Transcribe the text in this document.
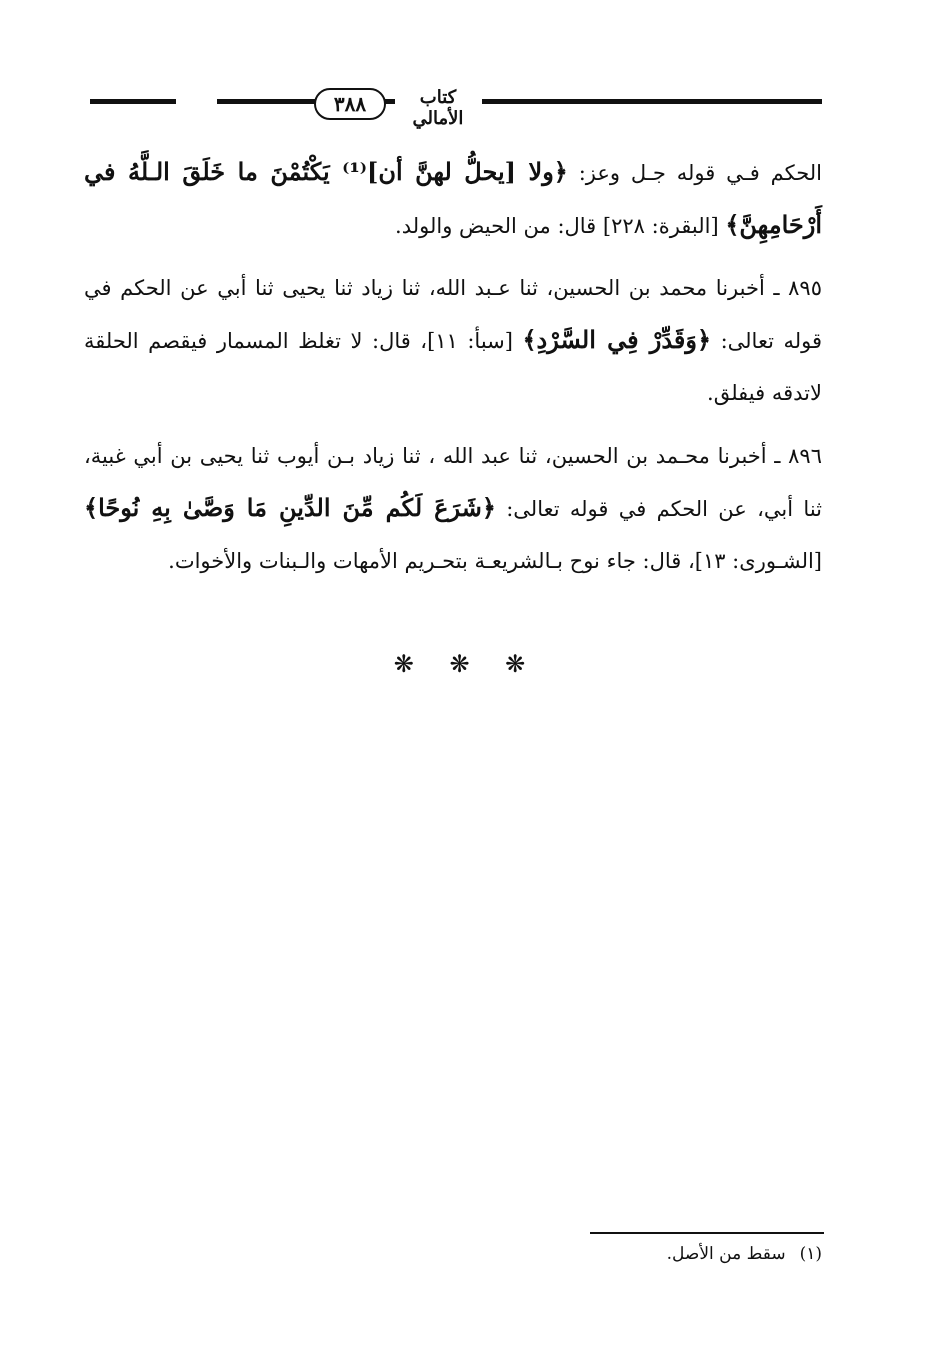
كتاب الأمالي
٣٨٨
الحكم فـي قوله جـل وعز: ﴿ولا [يحلُّ لهنَّ أن]⁽¹⁾ يَكْتُمْنَ ما خَلَقَ الـلَّهُ في أَرْحَامِهِنَّ﴾ [البقرة: ٢٢٨] قال: من الحيض والولد.
٨٩٥ ـ أخبرنا محمد بن الحسين، ثنا عـبد الله، ثنا زياد ثنا يحيى ثنا أبي عن الحكم في قوله تعالى: ﴿وَقَدِّرْ فِي السَّرْدِ﴾ [سبأ: ١١]، قال: لا تغلظ المسمار فيقصم الحلقة لاتدقه فيفلق.
٨٩٦ ـ أخبرنا محـمد بن الحسين، ثنا عبد الله ، ثنا زياد بـن أيوب ثنا يحيى بن أبي غبية، ثنا أبي، عن الحكم في قوله تعالى: ﴿شَرَعَ لَكُم مِّنَ الدِّينِ مَا وَصَّىٰ بِهِ نُوحًا﴾ [الشـورى: ١٣]، قال: جاء نوح بـالشريعـة بتحـريم الأمهات والـبنات والأخوات.
❋ ❋ ❋
(١)سقط من الأصل.
